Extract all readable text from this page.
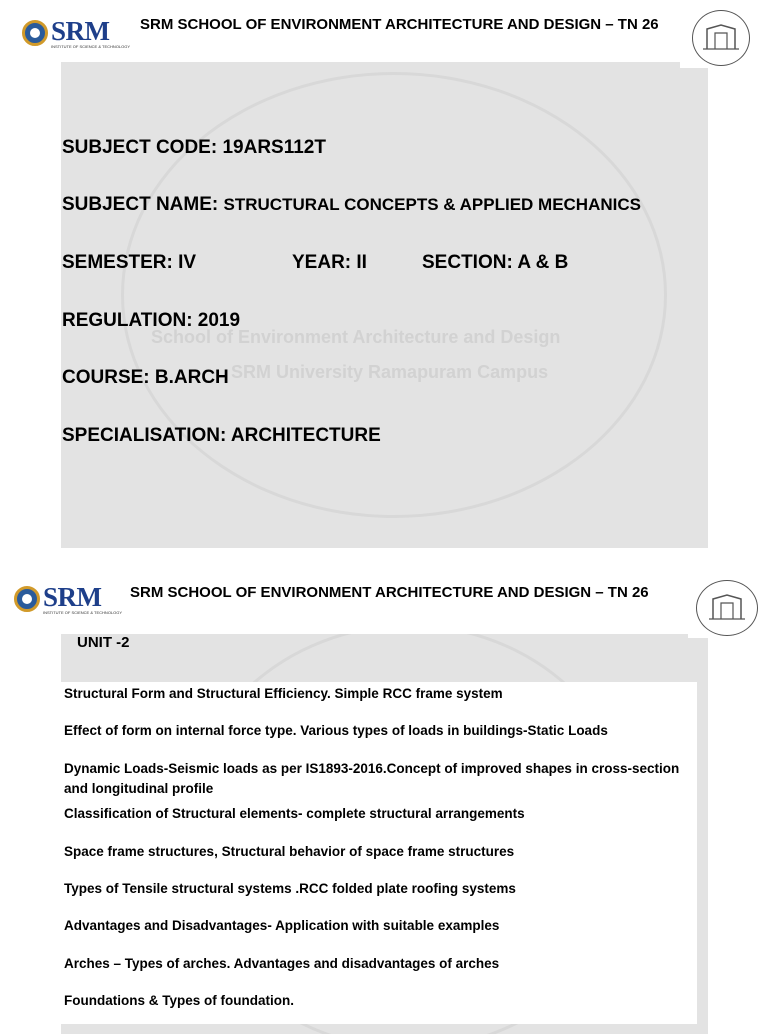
School of Environment Architecture and Design
SRM University Ramapuram Campus
SRM
INSTITUTE OF SCIENCE & TECHNOLOGY
SRM SCHOOL OF ENVIRONMENT ARCHITECTURE AND DESIGN – TN 26
SUBJECT CODE: 19ARS112T
SUBJECT NAME: STRUCTURAL CONCEPTS & APPLIED MECHANICS
SEMESTER: IV	YEAR: II	SECTION: A & B
REGULATION: 2019
COURSE: B.ARCH
SPECIALISATION: ARCHITECTURE
SRM
INSTITUTE OF SCIENCE & TECHNOLOGY
SRM SCHOOL OF ENVIRONMENT ARCHITECTURE AND DESIGN – TN 26
UNIT -2
Structural Form and Structural Efficiency. Simple RCC frame system
Effect of form on internal force type. Various types of loads in buildings-Static Loads
Dynamic Loads-Seismic loads as per IS1893-2016.Concept of improved shapes in cross-section and longitudinal profile
Classification of Structural elements- complete structural arrangements
Space frame structures, Structural behavior of space frame structures
Types of Tensile structural systems .RCC folded plate roofing systems
Advantages and Disadvantages- Application with suitable examples
Arches – Types of arches. Advantages and disadvantages of arches
Foundations & Types of foundation.
